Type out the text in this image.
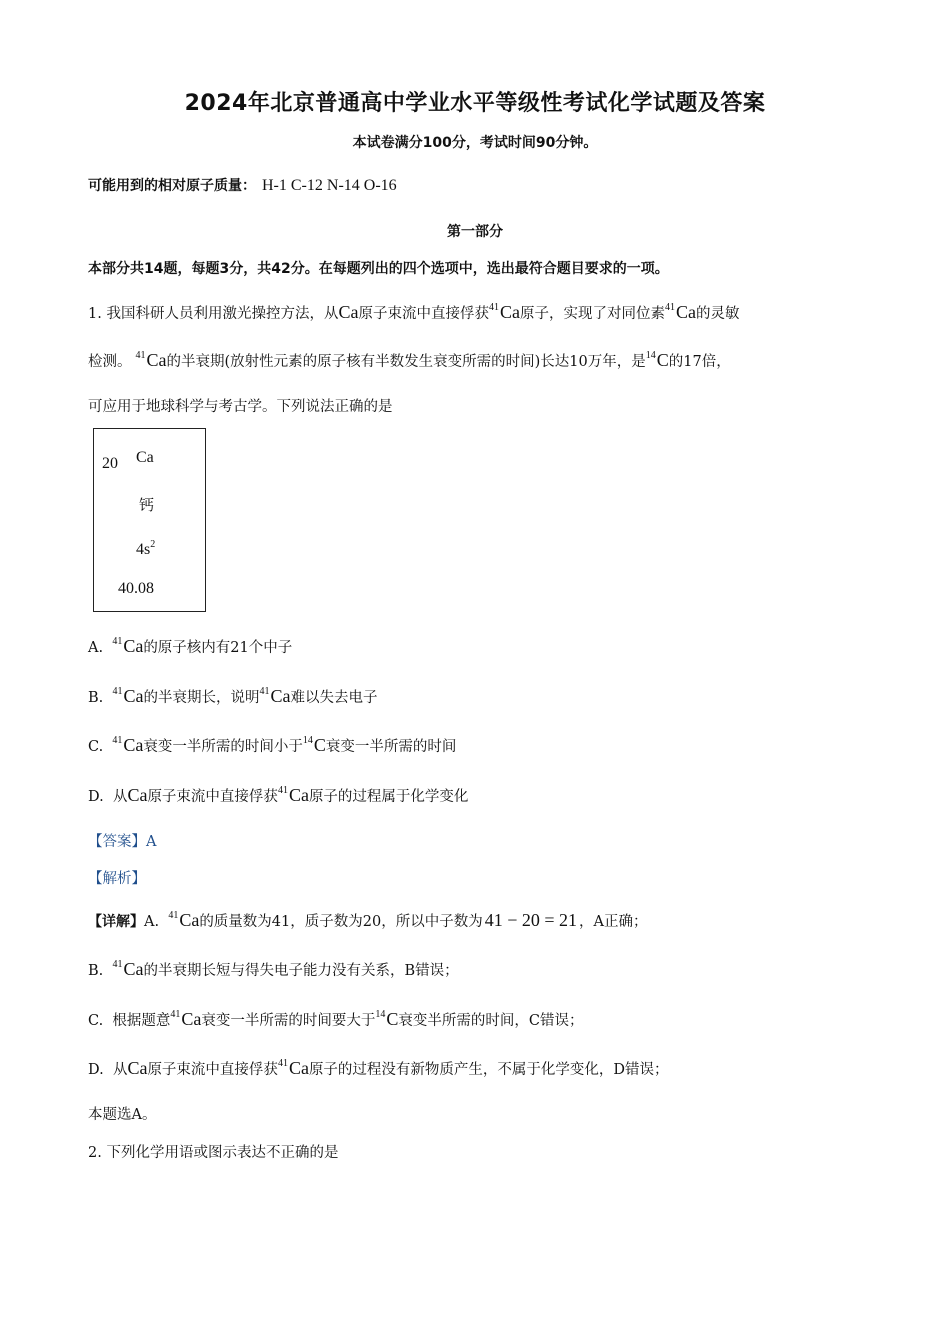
2024年北京普通高中学业水平等级性考试化学试题及答案
本试卷满分100分，考试时间90分钟。
可能用到的相对原子质量： H-1 C-12 N-14 O-16
第一部分
本部分共14题，每题3分，共42分。在每题列出的四个选项中，选出最符合题目要求的一项。
1. 我国科研人员利用激光操控方法，从Ca原子束流中直接俘获$^{41}$Ca原子，实现了对同位素$^{41}$Ca的灵敏
检测。 $^{41}$Ca的半衰期(放射性元素的原子核有半数发生衰变所需的时间)长达10万年，是$^{14}$C的17倍，
可应用于地球科学与考古学。下列说法正确的是
20 Ca
钙
$4s^2$
40.08
A. $^{41}$Ca的原子核内有21个中子
B. $^{41}$Ca的半衰期长，说明$^{41}$Ca难以失去电子
C. $^{41}$Ca衰变一半所需的时间小于$^{14}$C衰变一半所需的时间
D. 从Ca原子束流中直接俘获$^{41}$Ca原子的过程属于化学变化
【答案】A
【解析】
【详解】A. $^{41}$Ca的质量数为41，质子数为20，所以中子数为 41 − 20 = 21 ，A正确；
B. $^{41}$Ca的半衰期长短与得失电子能力没有关系，B错误；
C. 根据题意$^{41}$Ca衰变一半所需的时间要大于$^{14}$C衰变半所需的时间，C错误；
D. 从Ca原子束流中直接俘获$^{41}$Ca原子的过程没有新物质产生，不属于化学变化，D错误；
本题选A。
2. 下列化学用语或图示表达不正确的是
